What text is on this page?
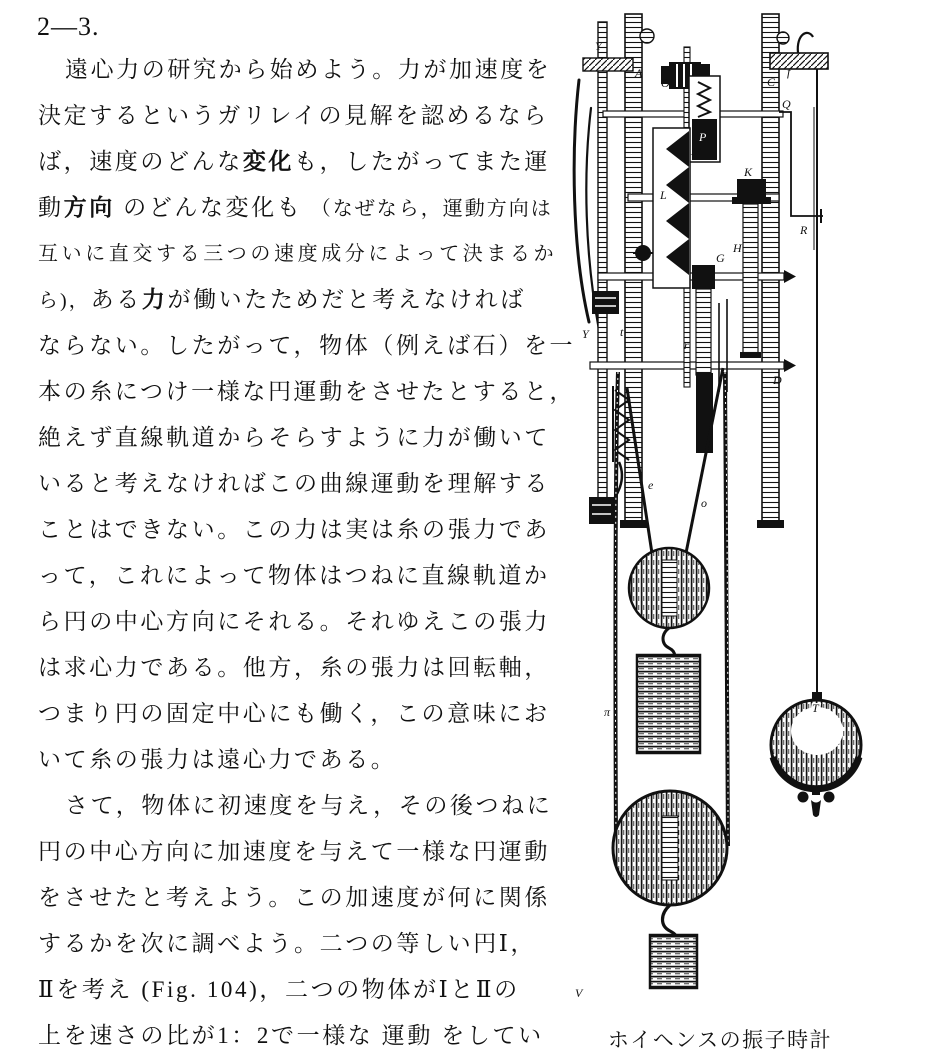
2—3.
遠心力の研究から始めよう。力が加速度を
決定するというガリレイの見解を認めるなら
ば，速度のどんな変化も，したがってまた運
動方向 のどんな変化も （なぜなら，運動方向は
互いに直交する三つの速度成分によって決まるか
ら)，ある力が働いたためだと考えなければ
ならない。したがって，物体（例えば石）を一
本の糸につけ一様な円運動をさせたとすると，
絶えず直線軌道からそらすように力が働いて
いると考えなければこの曲線運動を理解する
ことはできない。この力は実は糸の張力であ
って，これによって物体はつねに直線軌道か
ら円の中心方向にそれる。それゆえこの張力
は求心力である。他方，糸の張力は回転軸，
つまり円の固定中心にも働く，この意味にお
いて糸の張力は遠心力である。
さて，物体に初速度を与え，その後つねに
円の中心方向に加速度を与えて一様な円運動
をさせたと考えよう。この加速度が何に関係
するかを次に調べよう。二つの等しい円Ⅰ，
Ⅱを考え (Fig. 104)，二つの物体がⅠとⅡの
上を速さの比が1：2で一様な 運動 をしてい
Y
A
O
P
M
L
K
C
f
Q
H
G
r
R
D
Y	t
x
e
o
π	T
V
ホイヘンスの振子時計
